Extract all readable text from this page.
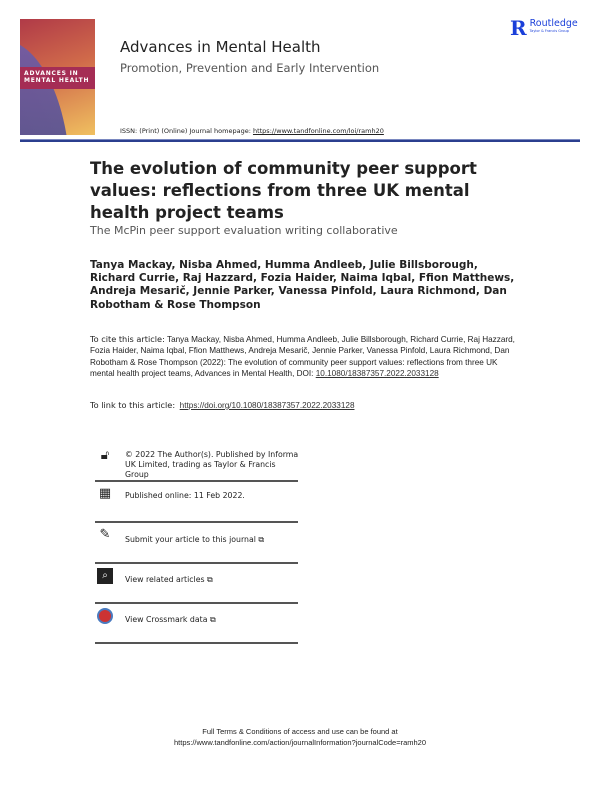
ADVANCES IN MENTAL HEALTH
Advances in Mental Health
Promotion, Prevention and Early Intervention
R Routledge
Taylor & Francis Group
ISSN: (Print) (Online) Journal homepage: https://www.tandfonline.com/loi/ramh20
The evolution of community peer support values: reflections from three UK mental health project teams
The McPin peer support evaluation writing collaborative
Tanya Mackay, Nisba Ahmed, Humma Andleeb, Julie Billsborough, Richard Currie, Raj Hazzard, Fozia Haider, Naima Iqbal, Ffion Matthews, Andreja Mesarič, Jennie Parker, Vanessa Pinfold, Laura Richmond, Dan Robotham & Rose Thompson
To cite this article: Tanya Mackay, Nisba Ahmed, Humma Andleeb, Julie Billsborough, Richard Currie, Raj Hazzard, Fozia Haider, Naima Iqbal, Ffion Matthews, Andreja Mesarič, Jennie Parker, Vanessa Pinfold, Laura Richmond, Dan Robotham & Rose Thompson (2022): The evolution of community peer support values: reflections from three UK mental health project teams, Advances in Mental Health, DOI: 10.1080/18387357.2022.2033128
To link to this article: https://doi.org/10.1080/18387357.2022.2033128
🔓︎	© 2022 The Author(s). Published by Informa UK Limited, trading as Taylor & Francis Group
▦ Published online: 11 Feb 2022.
✎	Submit your article to this journal ⧉
⌕	View related articles ⧉
View Crossmark data ⧉
Full Terms & Conditions of access and use can be found at
https://www.tandfonline.com/action/journalInformation?journalCode=ramh20
